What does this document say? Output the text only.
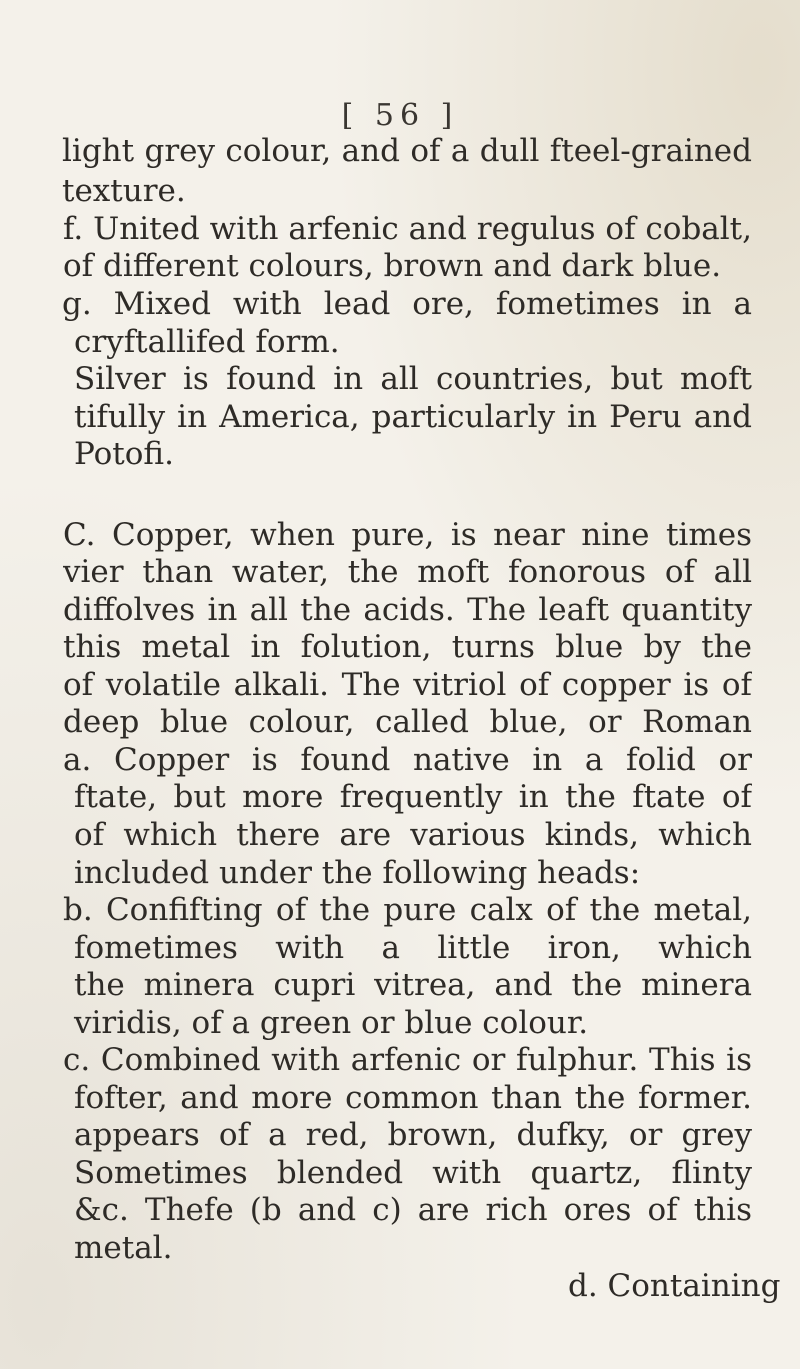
[ 56 ]
light grey colour, and of a dull fteel-grained
texture.
f. United with arfenic and regulus of cobalt,
of different colours, brown and dark blue.
g. Mixed with lead ore, fometimes in a
cryftallifed form.
Silver is found in all countries, but moft
tifully in America, particularly in Peru and
Potofi.
C. Copper, when pure, is near nine times
vier than water, the moft fonorous of all
diffolves in all the acids. The leaft quantity
this metal in folution, turns blue by the
of volatile alkali. The vitriol of copper is of
deep blue colour, called blue, or Roman
a. Copper is found native in a folid or
ftate, but more frequently in the ftate of
of which there are various kinds, which
included under the following heads:
b. Confifting of the pure calx of the metal,
fometimes with a little iron, which
the minera cupri vitrea, and the minera
viridis, of a green or blue colour.
c. Combined with arfenic or fulphur. This is
fofter, and more common than the former.
appears of a red, brown, dufky, or grey
Sometimes blended with quartz, flinty
&c. Thefe (b and c) are rich ores of this
metal.
d. Containing
